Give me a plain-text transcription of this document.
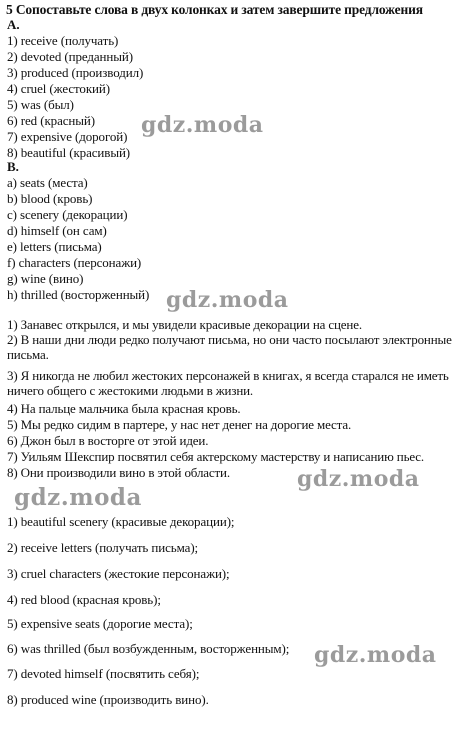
5 Сопоставьте слова в двух колонках и затем завершите предложения
A.
1) receive (получать)
2) devoted (преданный)
3) produced (производил)
4) cruel (жестокий)
5) was (был)
6) red (красный)
7) expensive (дорогой)
8) beautiful (красивый)
B.
a) seats (места)
b) blood (кровь)
c) scenery (декорации)
d) himself (он сам)
e) letters (письма)
f) characters (персонажи)
g) wine (вино)
h) thrilled (восторженный)
1) Занавес открылся, и мы увидели красивые декорации на сцене.
2) В наши дни люди редко получают письма, но они часто посылают электронные письма.
3) Я никогда не любил жестоких персонажей в книгах, я всегда старался не иметь ничего общего с жестокими людьми в жизни.
4) На пальце мальчика была красная кровь.
5) Мы редко сидим в партере, у нас нет денег на дорогие места.
6) Джон был в восторге от этой идеи.
7) Уильям Шекспир посвятил себя актерскому мастерству и написанию пьес.
8) Они производили вино в этой области.
1) beautiful scenery (красивые декорации);
2) receive letters (получать письма);
3) cruel characters (жестокие персонажи);
4) red blood (красная кровь);
5) expensive seats (дорогие места);
6) was thrilled (был возбужденным, восторженным);
7) devoted himself (посвятить себя);
8) produced wine (производить вино).
gdz.moda
gdz.moda
gdz.moda
gdz.moda
gdz.moda
